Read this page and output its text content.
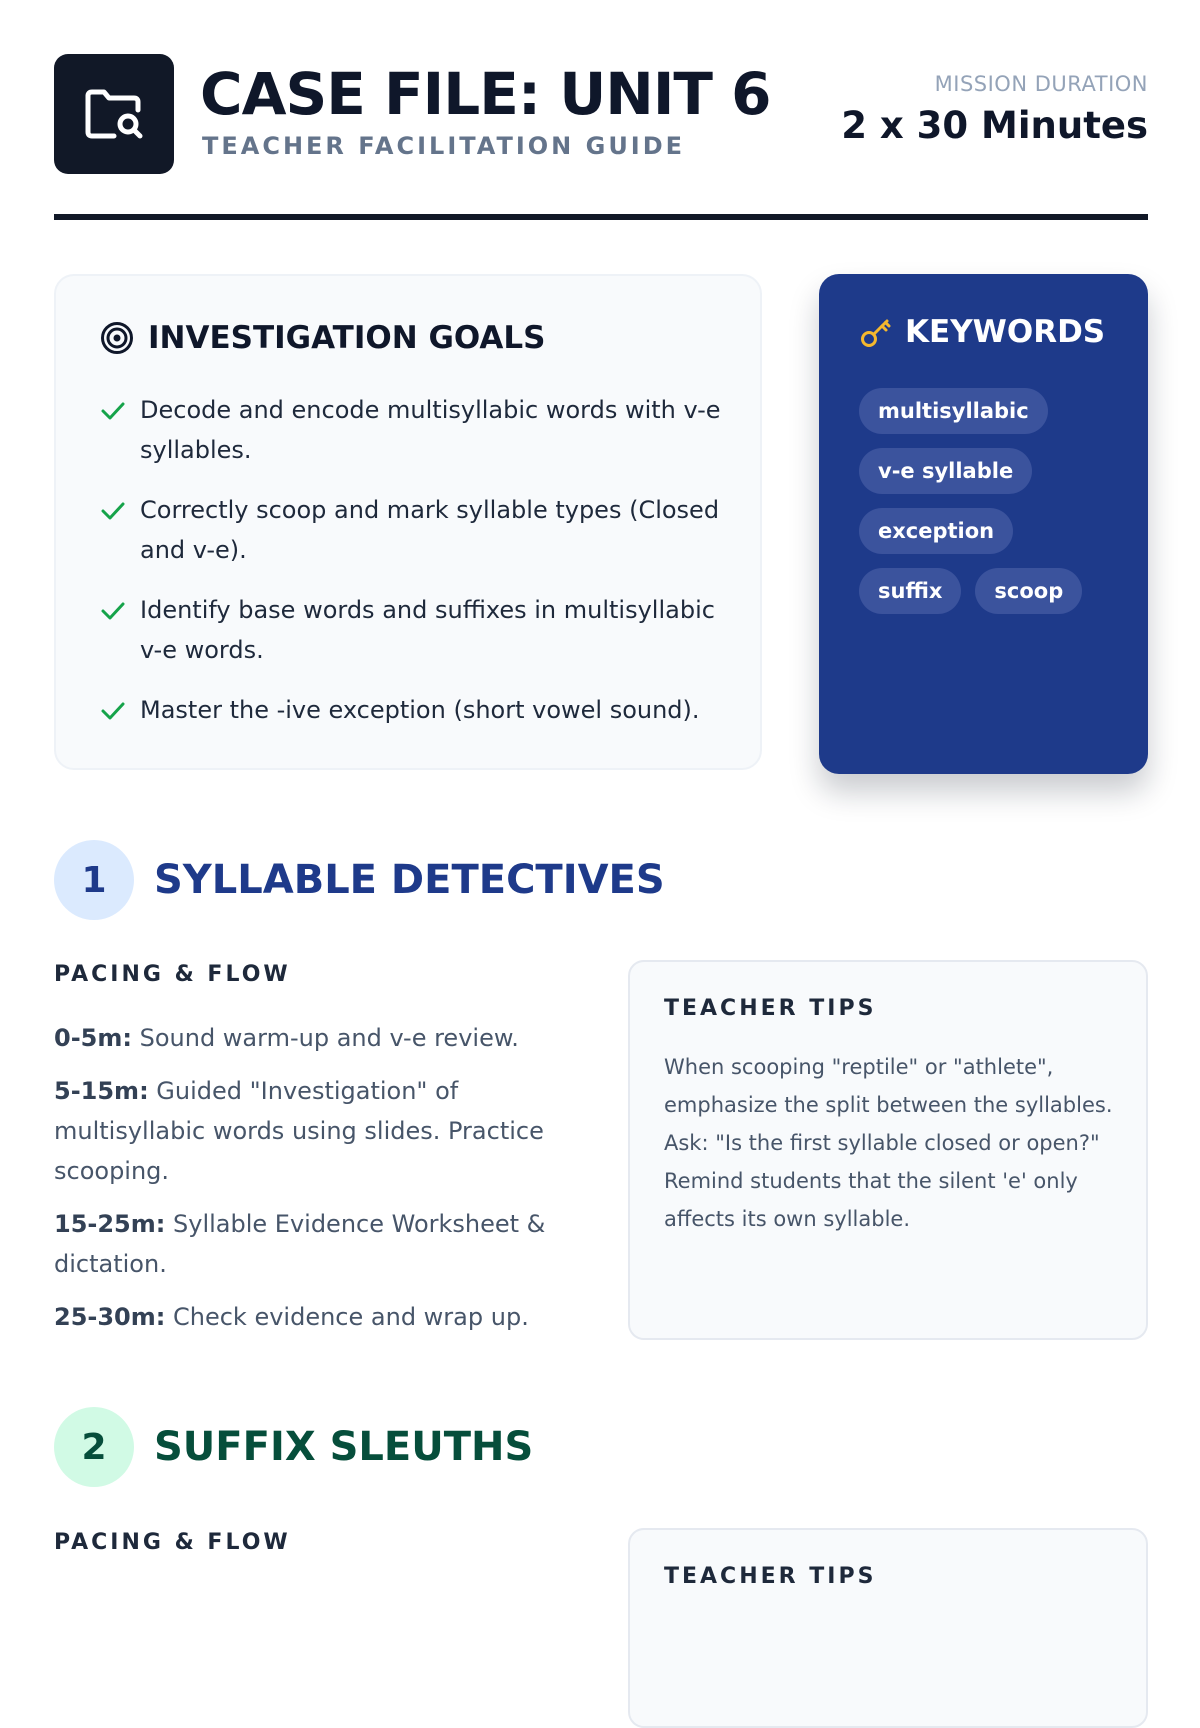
CASE FILE: UNIT 6
TEACHER FACILITATION GUIDE
MISSION DURATION
2 x 30 Minutes
INVESTIGATION GOALS
Decode and encode multisyllabic words with v-e syllables.
Correctly scoop and mark syllable types (Closed and v-e).
Identify base words and suffixes in multisyllabic v-e words.
Master the -ive exception (short vowel sound).
KEYWORDS
multisyllabic
v-e syllable
exception
suffix	scoop
1	SYLLABLE DETECTIVES
PACING & FLOW
0-5m: Sound warm-up and v-e review.
5-15m: Guided "Investigation" of multisyllabic words using slides. Practice scooping.
15-25m: Syllable Evidence Worksheet & dictation.
25-30m: Check evidence and wrap up.
TEACHER TIPS
When scooping "reptile" or "athlete", emphasize the split between the syllables. Ask: "Is the first syllable closed or open?" Remind students that the silent 'e' only affects its own syllable.
2	SUFFIX SLEUTHS
PACING & FLOW
TEACHER TIPS
